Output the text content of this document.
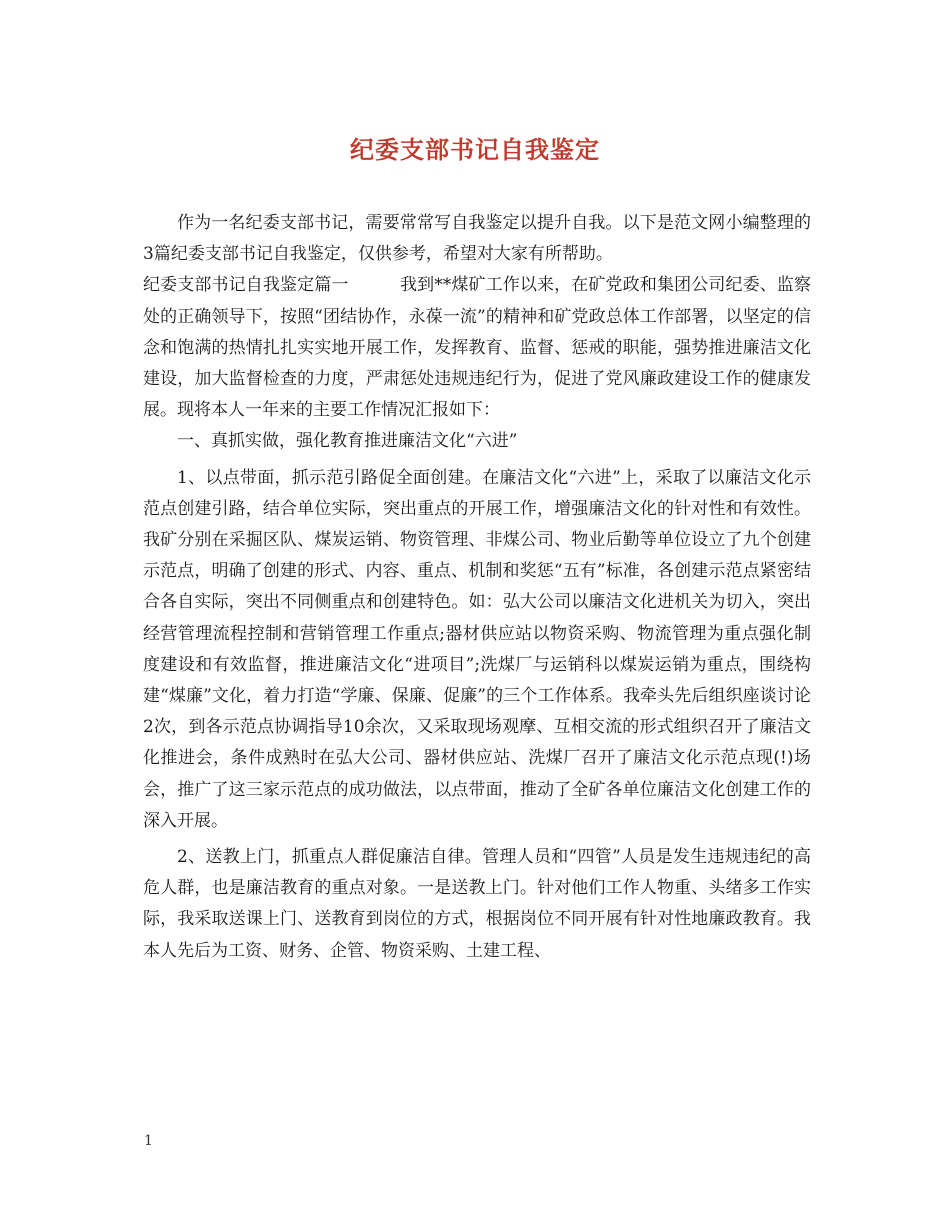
纪委支部书记自我鉴定

作为一名纪委支部书记，需要常常写自我鉴定以提升自我。以下是范文网小编整理的3篇纪委支部书记自我鉴定，仅供参考，希望对大家有所帮助。

纪委支部书记自我鉴定篇一　　　我到**煤矿工作以来，在矿党政和集团公司纪委、监察处的正确领导下，按照“团结协作，永葆一流”的精神和矿党政总体工作部署，以坚定的信念和饱满的热情扎扎实实地开展工作，发挥教育、监督、惩戒的职能，强势推进廉洁文化建设，加大监督检查的力度，严肃惩处违规违纪行为，促进了党风廉政建设工作的健康发展。现将本人一年来的主要工作情况汇报如下：

一、真抓实做，强化教育推进廉洁文化“六进”

1、以点带面，抓示范引路促全面创建。在廉洁文化“六进”上，采取了以廉洁文化示范点创建引路，结合单位实际，突出重点的开展工作，增强廉洁文化的针对性和有效性。我矿分别在采掘区队、煤炭运销、物资管理、非煤公司、物业后勤等单位设立了九个创建示范点，明确了创建的形式、内容、重点、机制和奖惩“五有”标准，各创建示范点紧密结合各自实际，突出不同侧重点和创建特色。如：弘大公司以廉洁文化进机关为切入，突出经营管理流程控制和营销管理工作重点;器材供应站以物资采购、物流管理为重点强化制度建设和有效监督，推进廉洁文化“进项目”;洗煤厂与运销科以煤炭运销为重点，围绕构建“煤廉”文化，着力打造“学廉、保廉、促廉”的三个工作体系。我牵头先后组织座谈讨论2次，到各示范点协调指导10余次，又采取现场观摩、互相交流的形式组织召开了廉洁文化推进会，条件成熟时在弘大公司、器材供应站、洗煤厂召开了廉洁文化示范点现(!)场会，推广了这三家示范点的成功做法，以点带面，推动了全矿各单位廉洁文化创建工作的深入开展。

2、送教上门，抓重点人群促廉洁自律。管理人员和“四管”人员是发生违规违纪的高危人群，也是廉洁教育的重点对象。一是送教上门。针对他们工作人物重、头绪多工作实际，我采取送课上门、送教育到岗位的方式，根据岗位不同开展有针对性地廉政教育。我本人先后为工资、财务、企管、物资采购、土建工程、

1
